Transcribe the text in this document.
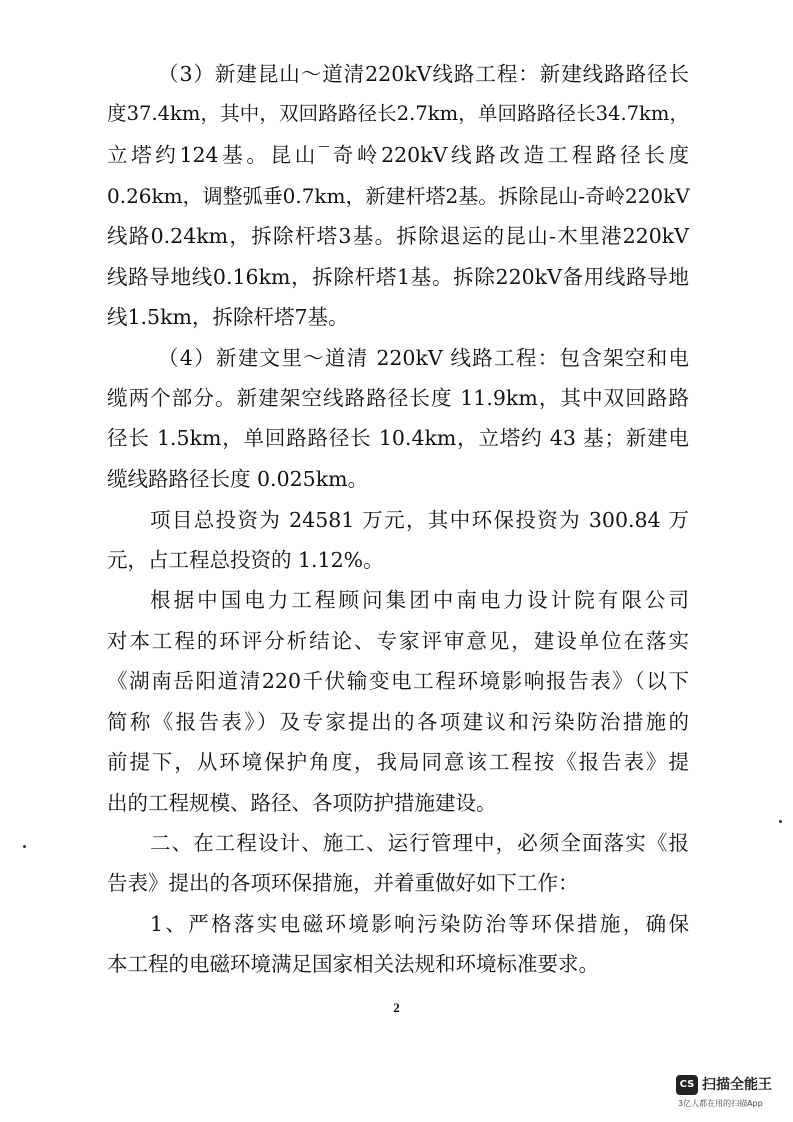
（3）新建昆山～道清220kV线路工程：新建线路路径长
度37.4km，其中，双回路路径长2.7km，单回路路径长34.7km，
立塔约124基。昆山‾奇岭220kV线路改造工程路径长度
0.26km，调整弧垂0.7km，新建杆塔2基。拆除昆山-奇岭220kV
线路0.24km，拆除杆塔3基。拆除退运的昆山-木里港220kV
线路导地线0.16km，拆除杆塔1基。拆除220kV备用线路导地
线1.5km，拆除杆塔7基。
（4）新建文里～道清 220kV 线路工程：包含架空和电
缆两个部分。新建架空线路路径长度 11.9km，其中双回路路
径长 1.5km，单回路路径长 10.4km，立塔约 43 基；新建电
缆线路路径长度 0.025km。
项目总投资为 24581 万元，其中环保投资为 300.84 万
元，占工程总投资的 1.12%。
根据中国电力工程顾问集团中南电力设计院有限公司
对本工程的环评分析结论、专家评审意见，建设单位在落实
《湖南岳阳道清220千伏输变电工程环境影响报告表》（以下
简称《报告表》）及专家提出的各项建议和污染防治措施的
前提下，从环境保护角度，我局同意该工程按《报告表》提
出的工程规模、路径、各项防护措施建设。
二、在工程设计、施工、运行管理中，必须全面落实《报
告表》提出的各项环保措施，并着重做好如下工作：
1、严格落实电磁环境影响污染防治等环保措施，确保
本工程的电磁环境满足国家相关法规和环境标准要求。
2
CS 扫描全能王
3亿人都在用的扫描App
